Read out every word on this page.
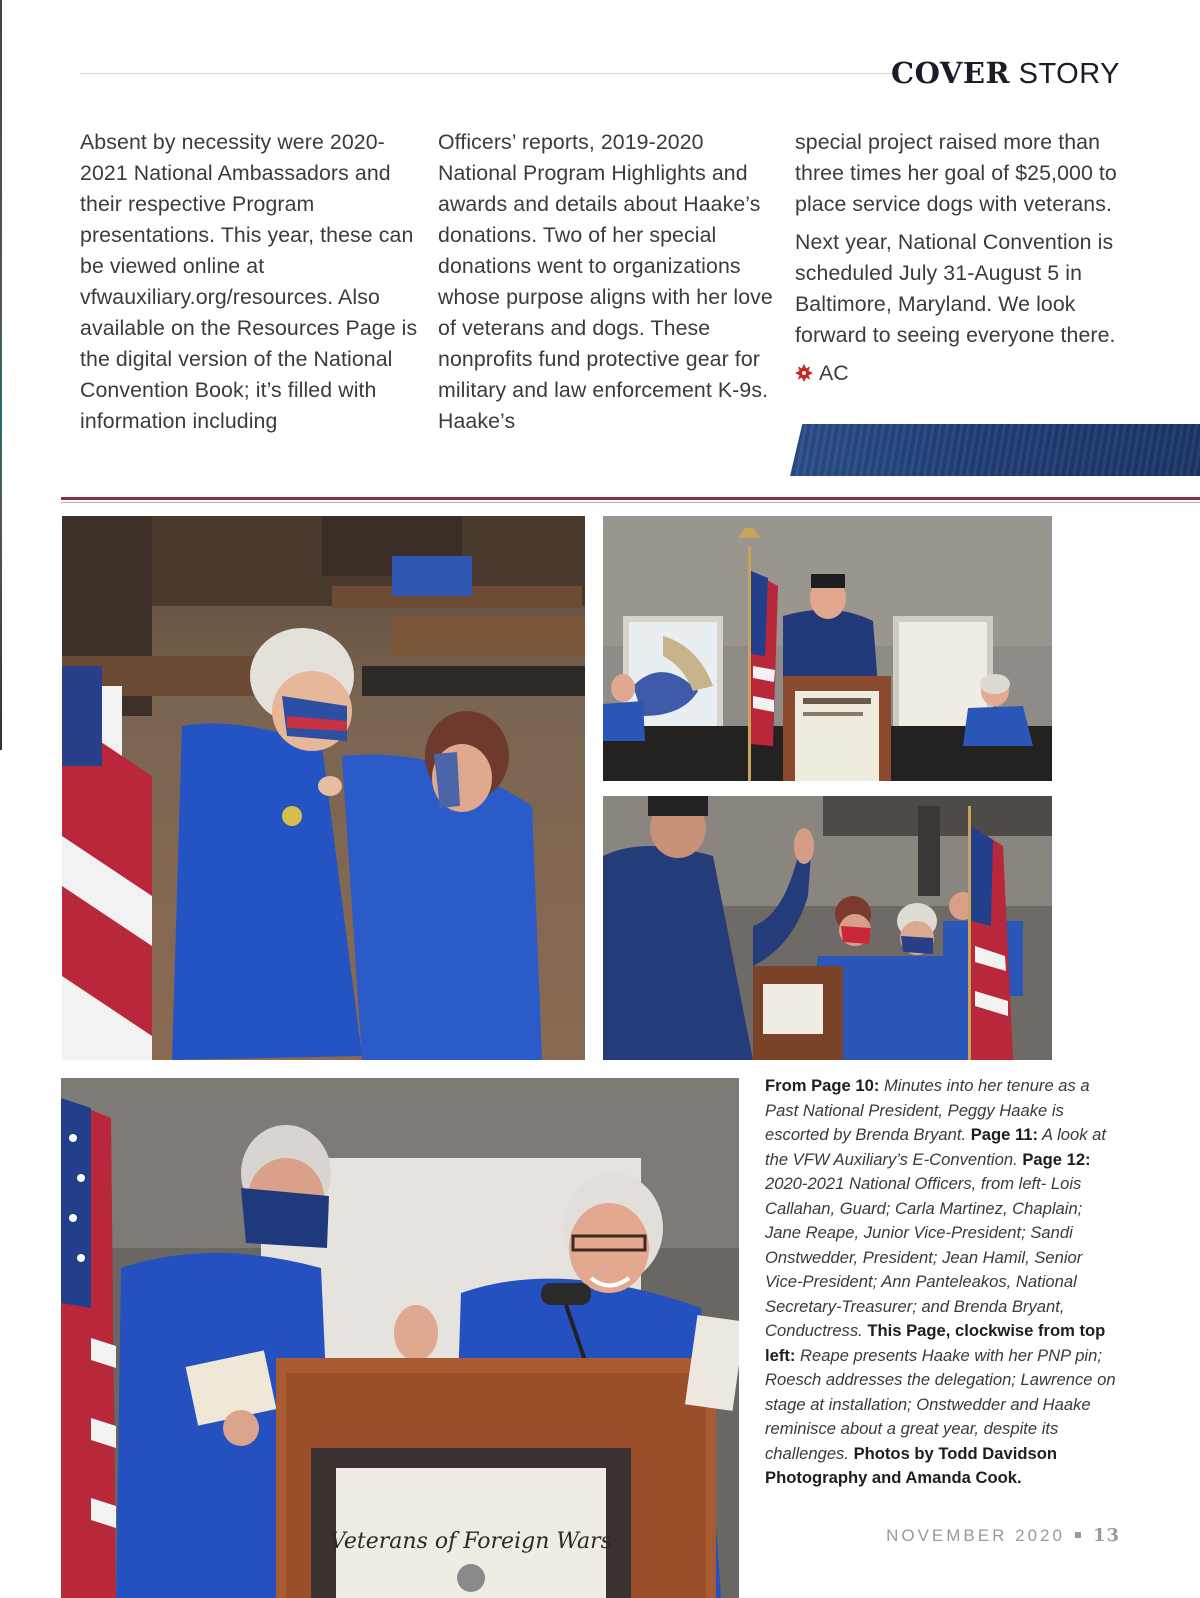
COVER STORY

Absent by necessity were 2020-2021 National Ambassadors and their respective Program presentations. This year, these can be viewed online at vfwauxiliary.org/resources. Also available on the Resources Page is the digital version of the National Convention Book; it’s filled with information including

Officers’ reports, 2019-2020 National Program Highlights and awards and details about Haake’s donations. Two of her special donations went to organizations whose purpose aligns with her love of veterans and dogs. These nonprofits fund protective gear for military and law enforcement K-9s. Haake’s

special project raised more than three times her goal of $25,000 to place service dogs with veterans.

Next year, National Convention is scheduled July 31-August 5 in Baltimore, Maryland. We look forward to seeing everyone there.

AC

Veterans of Foreign Wars
From Page 10: Minutes into her tenure as a Past National President, Peggy Haake is escorted by Brenda Bryant. Page 11: A look at the VFW Auxiliary’s E-Convention. Page 12: 2020-2021 National Officers, from left- Lois Callahan, Guard; Carla Martinez, Chaplain; Jane Reape, Junior Vice-President; Sandi Onstwedder, President; Jean Hamil, Senior Vice-President; Ann Panteleakos, National Secretary-Treasurer; and Brenda Bryant, Conductress. This Page, clockwise from top left: Reape presents Haake with her PNP pin; Roesch addresses the delegation; Lawrence on stage at installation; Onstwedder and Haake reminisce about a great year, despite its challenges. Photos by Todd Davidson Photography and Amanda Cook.
NOVEMBER 2020 13
